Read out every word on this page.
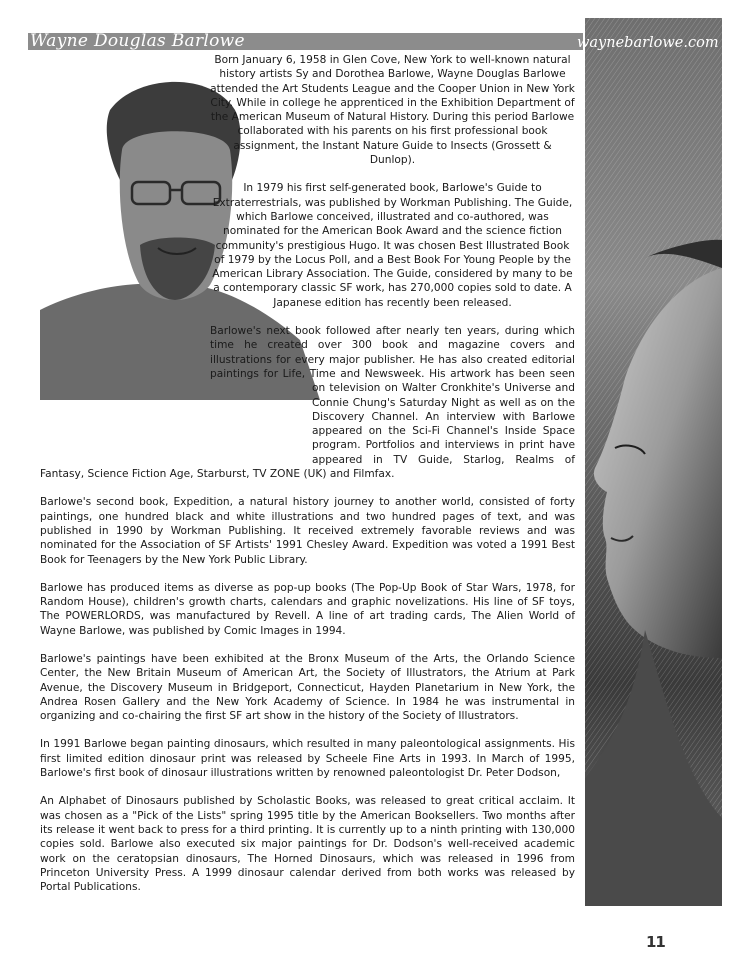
Wayne Douglas Barlowe	waynebarlowe.com

Born January 6, 1958 in Glen Cove, New York to well-known natural history artists Sy and Dorothea Barlowe, Wayne Douglas Barlowe attended the Art Students League and the Cooper Union in New York City. While in college he apprenticed in the Exhibition Department of the American Museum of Natural History. During this period Barlowe collaborated with his parents on his first professional book assignment, the Instant Nature Guide to Insects (Grossett & Dunlop).

In 1979 his first self-generated book, Barlowe's Guide to Extraterrestrials, was published by Workman Publishing. The Guide, which Barlowe conceived, illustrated and co-authored, was nominated for the American Book Award and the science fiction community's prestigious Hugo. It was chosen Best Illustrated Book of 1979 by the Locus Poll, and a Best Book For Young People by the American Library Association. The Guide, considered by many to be a contemporary classic SF work, has 270,000 copies sold to date. A Japanese edition has recently been released.

Barlowe's next book followed after nearly ten years, during which time he created over 300 book and magazine covers and illustrations for every major publisher. He has also created editorial paintings for Life, Time and Newsweek. His artwork has been seen on television on Walter Cronkhite's Universe and Connie Chung's Saturday Night as well as on the Discovery Channel. An interview with Barlowe appeared on the Sci-Fi Channel's Inside Space program. Portfolios and interviews in print have appeared in TV Guide, Starlog, Realms of Fantasy, Science Fiction Age, Starburst, TV ZONE (UK) and Filmfax.

Barlowe's second book, Expedition, a natural history journey to another world, consisted of forty paintings, one hundred black and white illustrations and two hundred pages of text, and was published in 1990 by Workman Publishing. It received extremely favorable reviews and was nominated for the Association of SF Artists' 1991 Chesley Award. Expedition was voted a 1991 Best Book for Teenagers by the New York Public Library.

Barlowe has produced items as diverse as pop-up books (The Pop-Up Book of Star Wars, 1978, for Random House), children's growth charts, calendars and graphic novelizations. His line of SF toys, The POWERLORDS, was manufactured by Revell. A line of art trading cards, The Alien World of Wayne Barlowe, was published by Comic Images in 1994.

Barlowe's paintings have been exhibited at the Bronx Museum of the Arts, the Orlando Science Center, the New Britain Museum of American Art, the Society of Illustrators, the Atrium at Park Avenue, the Discovery Museum in Bridgeport, Connecticut, Hayden Planetarium in New York, the Andrea Rosen Gallery and the New York Academy of Science. In 1984 he was instrumental in organizing and co-chairing the first SF art show in the history of the Society of Illustrators.

In 1991 Barlowe began painting dinosaurs, which resulted in many paleontological assignments. His first limited edition dinosaur print was released by Scheele Fine Arts in 1993. In March of 1995, Barlowe's first book of dinosaur illustrations written by renowned paleontologist Dr. Peter Dodson,

An Alphabet of Dinosaurs published by Scholastic Books, was released to great critical acclaim. It was chosen as a "Pick of the Lists" spring 1995 title by the American Booksellers. Two months after its release it went back to press for a third printing. It is currently up to a ninth printing with 130,000 copies sold. Barlowe also executed six major paintings for Dr. Dodson's well-received academic work on the ceratopsian dinosaurs, The Horned Dinosaurs, which was released in 1996 from Princeton University Press. A 1999 dinosaur calendar derived from both works was released by Portal Publications.

11
